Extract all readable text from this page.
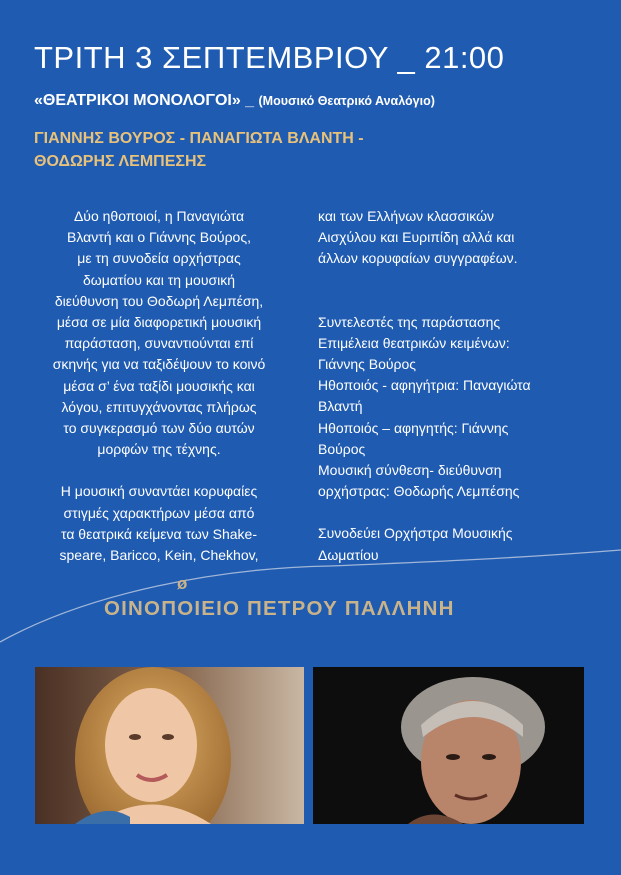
ΤΡΙΤΗ 3 ΣΕΠΤΕΜΒΡΙΟΥ _ 21:00
«ΘΕΑΤΡΙΚΟΙ ΜΟΝΟΛΟΓΟΙ» _ (Μουσικό Θεατρικό Αναλόγιο)
ΓΙΑΝΝΗΣ ΒΟΥΡΟΣ - ΠΑΝΑΓΙΩΤΑ ΒΛΑΝΤΗ -
ΘΟΔΩΡΗΣ ΛΕΜΠΕΣΗΣ

Δύο ηθοποιοί, η Παναγιώτα

Βλαντή και ο Γιάννης Βούρος,

με τη συνοδεία ορχήστρας

δωματίου και τη μουσική

διεύθυνση του Θοδωρή Λεμπέση,

μέσα σε μία διαφορετική μουσική

παράσταση, συναντιούνται επί

σκηνής για να ταξιδέψουν το κοινό

μέσα σ’ ένα ταξίδι μουσικής και

λόγου, επιτυγχάνοντας πλήρως

το συγκερασμό των δύο αυτών

μορφών της τέχνης.

Η μουσική συναντάει κορυφαίες

στιγμές χαρακτήρων μέσα από

τα θεατρικά κείμενα των Shake-

speare, Baricco, Kein, Chekhov,

και των Ελλήνων κλασσικών

Αισχύλου και Ευριπίδη αλλά και

άλλων κορυφαίων συγγραφέων.

Συντελεστές της παράστασης

Επιμέλεια θεατρικών κειμένων:

Γιάννης Βούρος

Ηθοποιός - αφηγήτρια: Παναγιώτα

Βλαντή

Ηθοποιός – αφηγητής: Γιάννης

Βούρος

Μουσική σύνθεση- διεύθυνση

ορχήστρας: Θοδωρής Λεμπέσης

Συνοδεύει Ορχήστρα Μουσικής

Δωματίου

ø
ΟΙΝΟΠΟΙΕΙΟ ΠΕΤΡΟΥ ΠΑΛΛΗΝΗ
